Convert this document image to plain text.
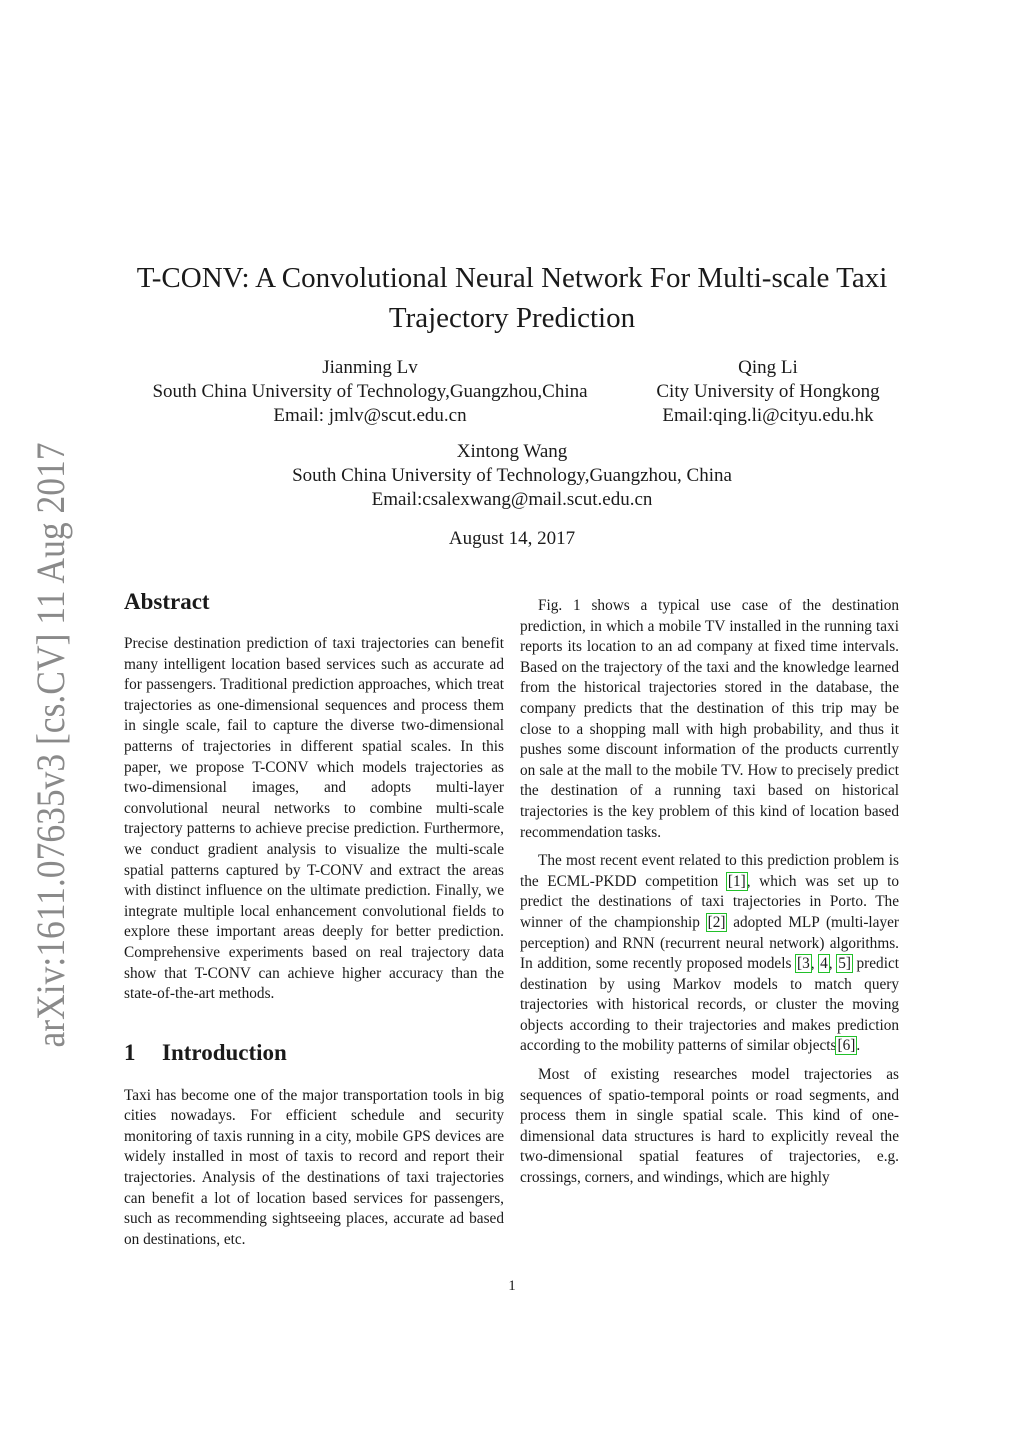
arXiv:1611.07635v3 [cs.CV] 11 Aug 2017
T-CONV: A Convolutional Neural Network For Multi-scale Taxi
Trajectory Prediction
Jianming Lv
South China University of Technology,Guangzhou,China
Email: jmlv@scut.edu.cn
Qing Li
City University of Hongkong
Email:qing.li@cityu.edu.hk
Xintong Wang
South China University of Technology,Guangzhou, China
Email:csalexwang@mail.scut.edu.cn
August 14, 2017
Abstract

Precise destination prediction of taxi trajectories can benefit many intelligent location based services such as accurate ad for passengers. Traditional prediction approaches, which treat trajectories as one-dimensional sequences and process them in single scale, fail to capture the diverse two-dimensional patterns of trajectories in different spatial scales. In this paper, we propose T-CONV which models trajectories as two-dimensional images, and adopts multi-layer convolutional neural networks to combine multi-scale trajectory patterns to achieve precise prediction. Furthermore, we conduct gradient analysis to visualize the multi-scale spatial patterns captured by T-CONV and extract the areas with distinct influence on the ultimate prediction. Finally, we integrate multiple local enhancement convolutional fields to explore these important areas deeply for better prediction. Comprehensive experiments based on real trajectory data show that T-CONV can achieve higher accuracy than the state-of-the-art methods.

1 Introduction

Taxi has become one of the major transportation tools in big cities nowadays. For efficient schedule and security monitoring of taxis running in a city, mobile GPS devices are widely installed in most of taxis to record and report their trajectories. Analysis of the destinations of taxi trajectories can benefit a lot of location based services for passengers, such as recommending sightseeing places, accurate ad based on destinations, etc.

Fig. 1 shows a typical use case of the destination prediction, in which a mobile TV installed in the running taxi reports its location to an ad company at fixed time intervals. Based on the trajectory of the taxi and the knowledge learned from the historical trajectories stored in the database, the company predicts that the destination of this trip may be close to a shopping mall with high probability, and thus it pushes some discount information of the products currently on sale at the mall to the mobile TV. How to precisely predict the destination of a running taxi based on historical trajectories is the key problem of this kind of location based recommendation tasks.

The most recent event related to this prediction problem is the ECML-PKDD competition [1], which was set up to predict the destinations of taxi trajectories in Porto. The winner of the championship [2] adopted MLP (multi-layer perception) and RNN (recurrent neural network) algorithms. In addition, some recently proposed models [3, 4, 5] predict destination by using Markov models to match query trajectories with historical records, or cluster the moving objects according to their trajectories and makes prediction according to the mobility patterns of similar objects[6].

Most of existing researches model trajectories as sequences of spatio-temporal points or road segments, and process them in single spatial scale. This kind of one-dimensional data structures is hard to explicitly reveal the two-dimensional spatial features of trajectories, e.g. crossings, corners, and windings, which are highly

1
